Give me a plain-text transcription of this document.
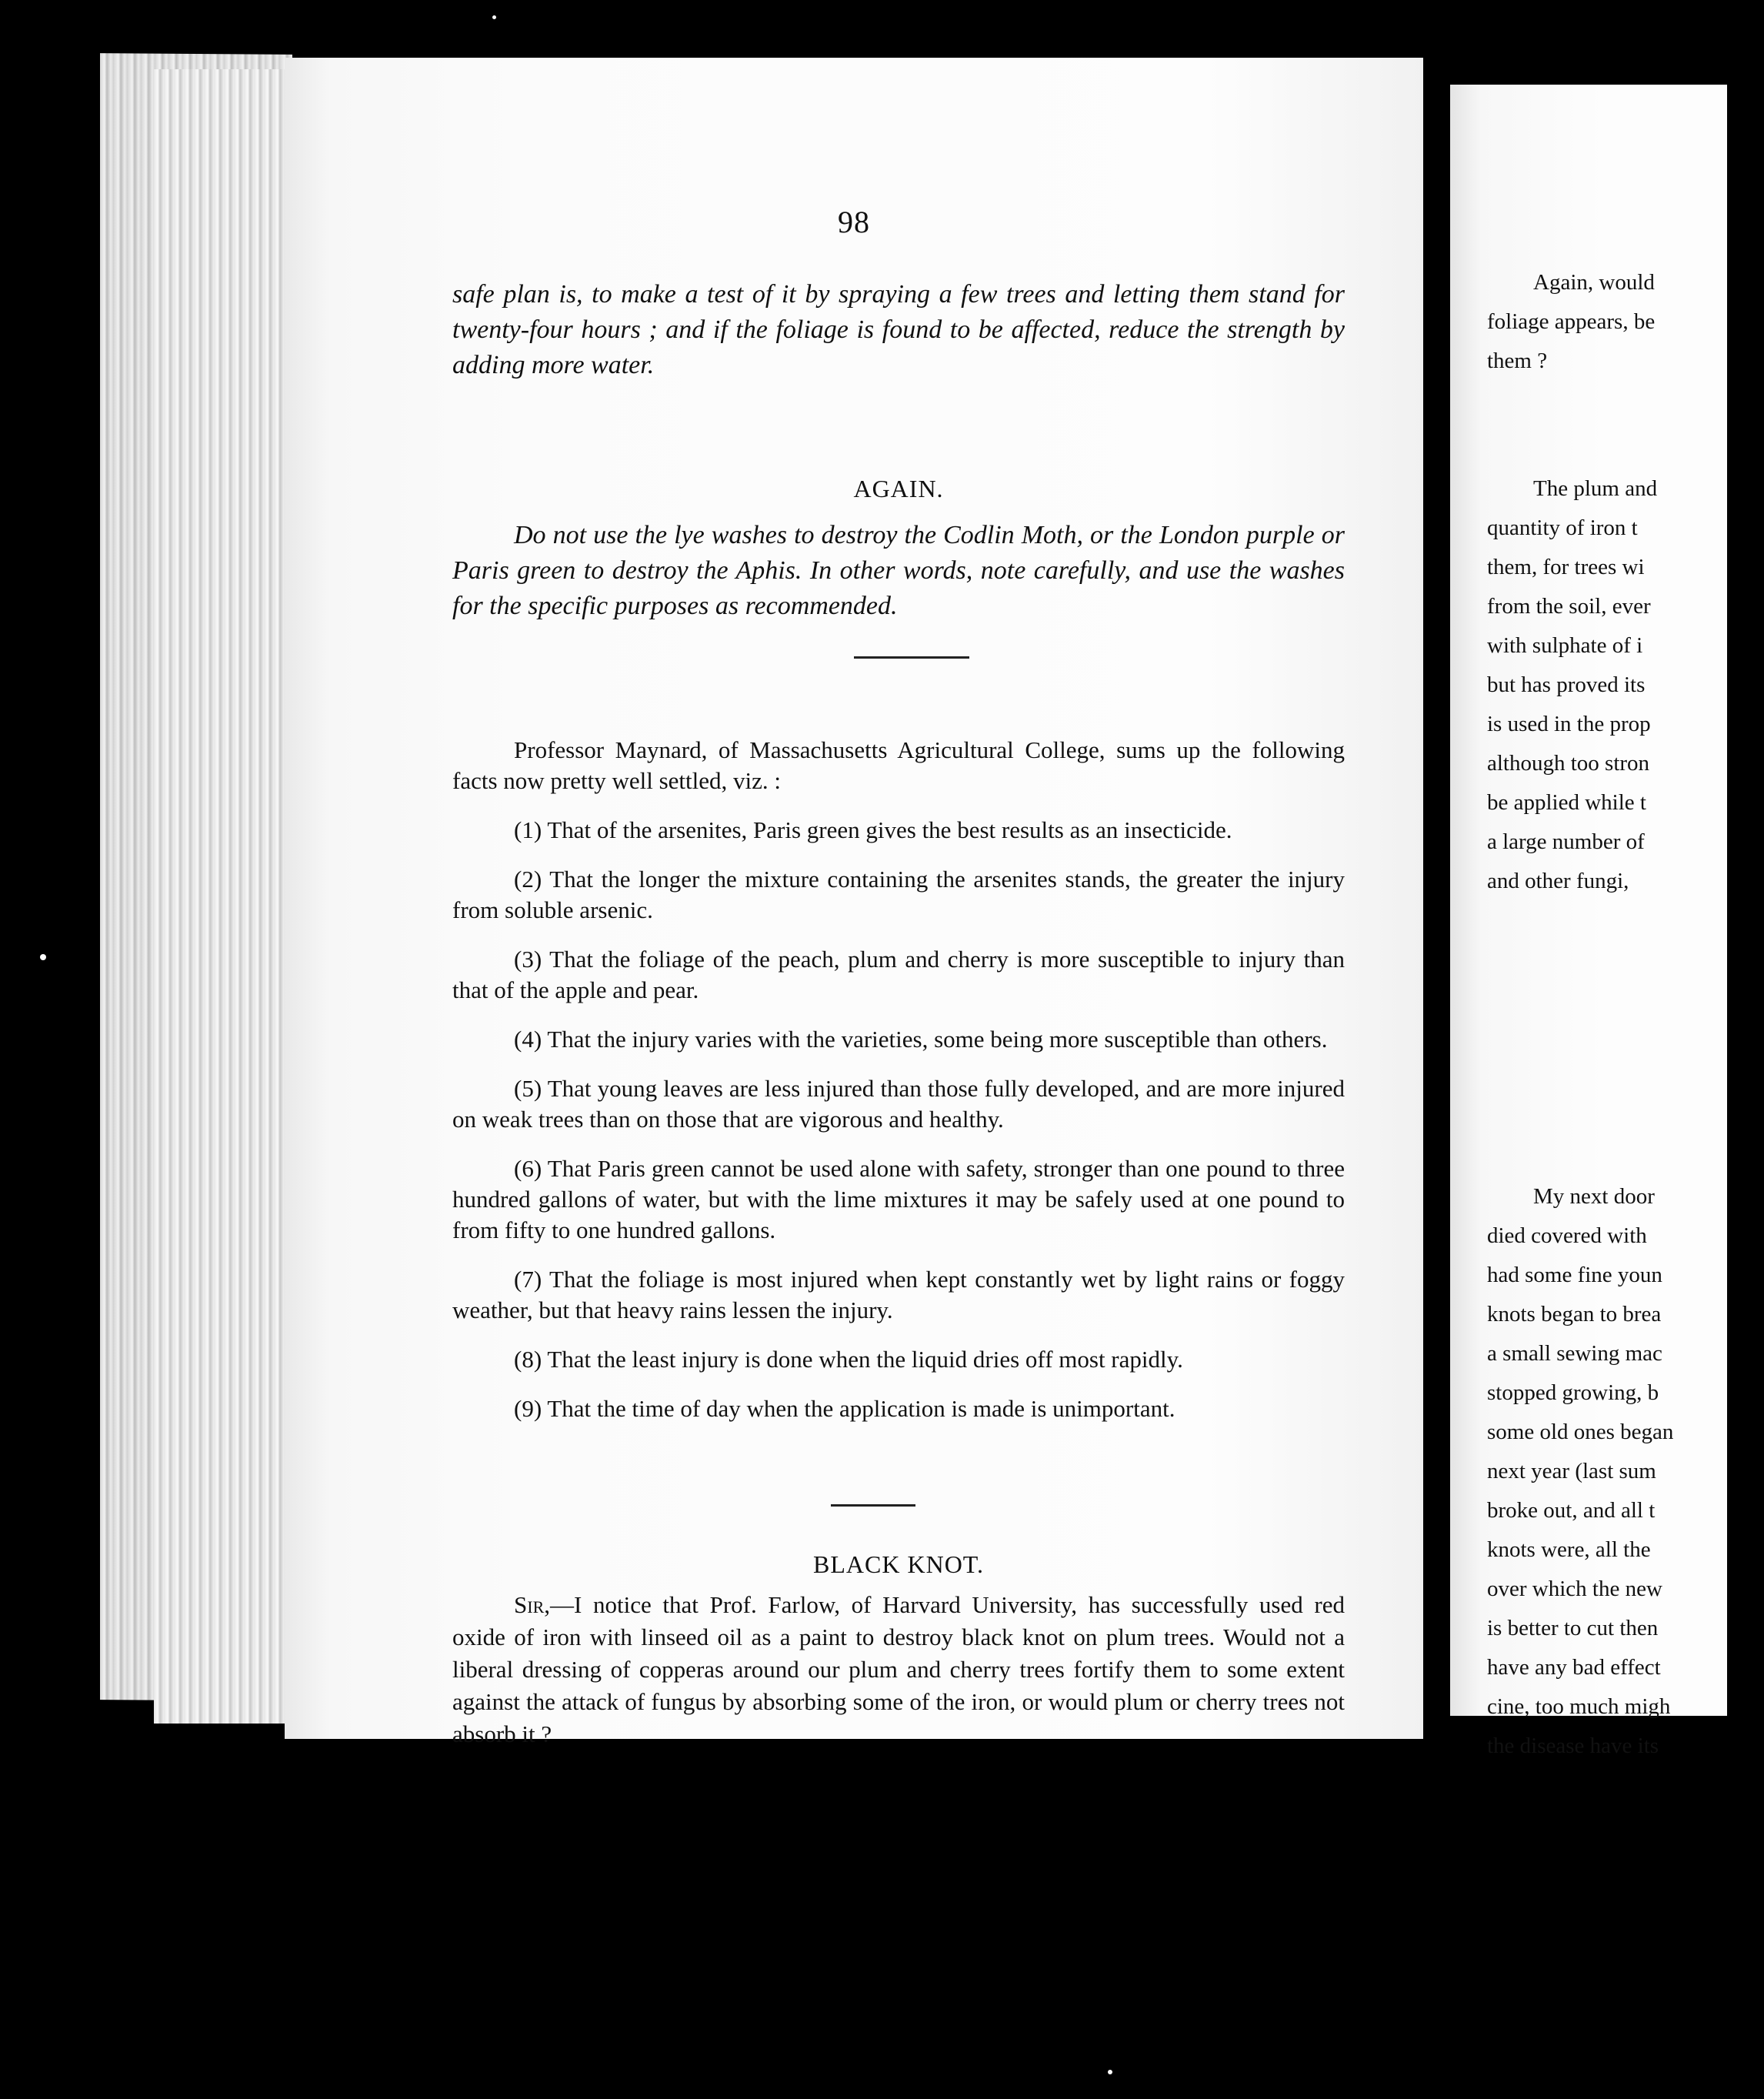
98

safe plan is, to make a test of it by spraying a few trees and letting them stand for twenty-four hours ; and if the foliage is found to be affected, reduce the strength by adding more water.

AGAIN.

Do not use the lye washes to destroy the Codlin Moth, or the London purple or Paris green to destroy the Aphis. In other words, note carefully, and use the washes for the specific purposes as recommended.

Professor Maynard, of Massachusetts Agricultural College, sums up the following facts now pretty well settled, viz. :

(1) That of the arsenites, Paris green gives the best results as an insecticide.

(2) That the longer the mixture containing the arsenites stands, the greater the injury from soluble arsenic.

(3) That the foliage of the peach, plum and cherry is more susceptible to injury than that of the apple and pear.

(4) That the injury varies with the varieties, some being more susceptible than others.

(5) That young leaves are less injured than those fully developed, and are more injured on weak trees than on those that are vigorous and healthy.

(6) That Paris green cannot be used alone with safety, stronger than one pound to three hundred gallons of water, but with the lime mixtures it may be safely used at one pound to from fifty to one hundred gallons.

(7) That the foliage is most injured when kept constantly wet by light rains or foggy weather, but that heavy rains lessen the injury.

(8) That the least injury is done when the liquid dries off most rapidly.

(9) That the time of day when the application is made is unimportant.

BLACK KNOT.

Sir,—I notice that Prof. Farlow, of Harvard University, has successfully used red oxide of iron with linseed oil as a paint to destroy black knot on plum trees. Would not a liberal dressing of copperas around our plum and cherry trees fortify them to some extent against the attack of fungus by absorbing some of the iron, or would plum or cherry trees not absorb it ?

Again, would
foliage appears, be
them ?
The plum and
quantity of iron t
them, for trees wi
from the soil, ever
with sulphate of i
but has proved its
is used in the prop
although too stron
be applied while t
a large number of
and other fungi,
My next door
died covered with
had some fine youn
knots began to brea
a small sewing mac
stopped growing, b
some old ones began
next year (last sum
broke out, and all t
knots were, all the
over which the new
is better to cut then
have any bad effect
cine, too much migh
the disease have its
